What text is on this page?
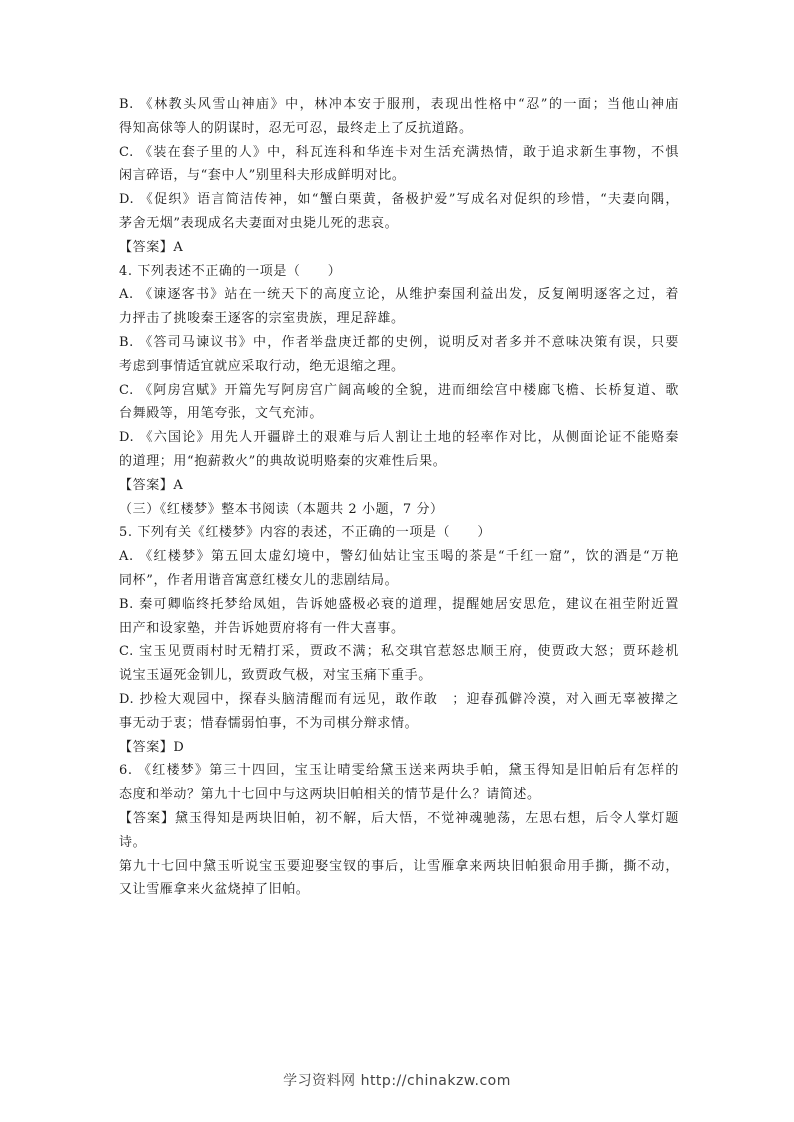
B. 《林教头风雪山神庙》中，林冲本安于服刑，表现出性格中“忍”的一面；当他山神庙
得知高俅等人的阴谋时，忍无可忍，最终走上了反抗道路。
C. 《装在套子里的人》中，科瓦连科和华连卡对生活充满热情，敢于追求新生事物，不惧
闲言碎语，与“套中人”别里科夫形成鲜明对比。
D. 《促织》语言简洁传神，如“蟹白栗黄，备极护爱”写成名对促织的珍惜，“夫妻向隅，
茅舍无烟”表现成名夫妻面对虫毙儿死的悲哀。
【答案】A
4. 下列表述不正确的一项是（　　）
A. 《谏逐客书》站在一统天下的高度立论，从维护秦国利益出发，反复阐明逐客之过，着
力抨击了挑唆秦王逐客的宗室贵族，理足辞雄。
B. 《答司马谏议书》中，作者举盘庚迁都的史例，说明反对者多并不意味决策有误，只要
考虑到事情适宜就应采取行动，绝无退缩之理。
C. 《阿房宫赋》开篇先写阿房宫广阔高峻的全貌，进而细绘宫中楼廊飞檐、长桥复道、歌
台舞殿等，用笔夸张，文气充沛。
D. 《六国论》用先人开疆辟土的艰难与后人割让土地的轻率作对比，从侧面论证不能赂秦
的道理；用“抱薪救火”的典故说明赂秦的灾难性后果。
【答案】A
（三）《红楼梦》整本书阅读（本题共 2 小题，7 分）
5. 下列有关《红楼梦》内容的表述，不正确的一项是（　　）
A. 《红楼梦》第五回太虚幻境中，警幻仙姑让宝玉喝的茶是“千红一窟”，饮的酒是“万艳
同杯”，作者用谐音寓意红楼女儿的悲剧结局。
B. 秦可卿临终托梦给凤姐，告诉她盛极必衰的道理，提醒她居安思危，建议在祖茔附近置
田产和设家塾，并告诉她贾府将有一件大喜事。
C. 宝玉见贾雨村时无精打采，贾政不满；私交琪官惹怒忠顺王府，使贾政大怒；贾环趁机
说宝玉逼死金钏儿，致贾政气极，对宝玉痛下重手。
D. 抄检大观园中，探春头脑清醒而有远见，敢作敢　；迎春孤僻冷漠，对入画无辜被撵之
事无动于衷；惜春懦弱怕事，不为司棋分辩求情。
【答案】D
6. 《红楼梦》第三十四回，宝玉让晴雯给黛玉送来两块手帕，黛玉得知是旧帕后有怎样的
态度和举动？第九十七回中与这两块旧帕相关的情节是什么？请简述。
【答案】黛玉得知是两块旧帕，初不解，后大悟，不觉神魂驰荡，左思右想，后令人掌灯题
诗。
第九十七回中黛玉听说宝玉要迎娶宝钗的事后，让雪雁拿来两块旧帕狠命用手撕，撕不动，
又让雪雁拿来火盆烧掉了旧帕。
学习资料网 http://chinakzw.com
